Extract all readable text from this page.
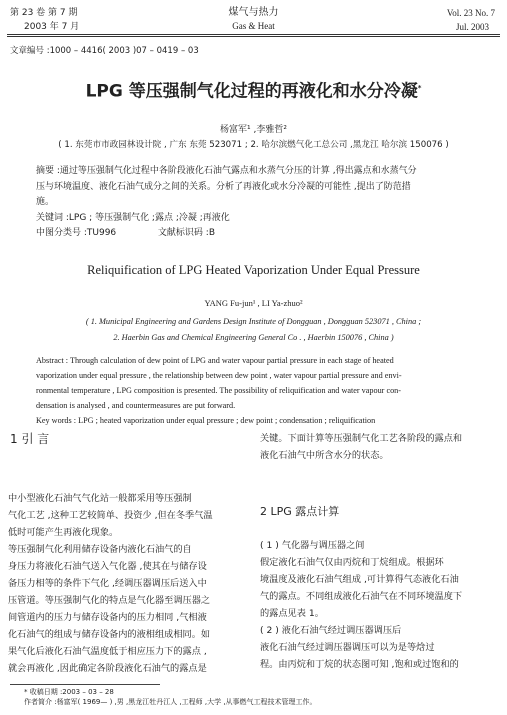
第 23 卷 第 7 期
2003 年 7 月
煤气与热力
Gas & Heat
Vol. 23 No. 7
Jul. 2003
文章编号 :1000 – 4416( 2003 )07 – 0419 – 03
LPG 等压强制气化过程的再液化和水分冷凝*
杨富军¹ ,李雅哲²
( 1. 东莞市市政园林设计院 , 广东 东莞 523071 ; 2. 哈尔滨燃气化工总公司 ,黑龙江 哈尔滨 150076 )
摘要 :通过等压强制气化过程中各阶段液化石油气露点和水蒸气分压的计算 ,得出露点和水蒸气分
压与环境温度、液化石油气成分之间的关系。分析了再液化或水分冷凝的可能性 ,提出了防范措
施。
关键词 :LPG ; 等压强制气化 ;露点 ;冷凝 ;再液化
中图分类号 :TU996	文献标识码 :B
Reliquification of LPG Heated Vaporization Under Equal Pressure
YANG Fu-jun¹ , LI Ya-zhuo²
( 1. Municipal Engineering and Gardens Design Institute of Dongguan , Dongguan 523071 , China ;
2. Haerbin Gas and Chemical Engineering General Co . , Haerbin 150076 , China )
Abstract : Through calculation of dew point of LPG and water vapour partial pressure in each stage of heated
vaporization under equal pressure , the relationship between dew point , water vapour partial pressure and envi-
ronmental temperature , LPG composition is presented. The possibility of reliquification and water vapour con-
densation is analysed , and countermeasures are put forward.
Key words : LPG ; heated vaporization under equal pressure ; dew point ; condensation ; reliquification
1 引 言

中小型液化石油气气化站一般都采用等压强制

气化工艺 ,这种工艺较简单、投资少 ,但在冬季气温

低时可能产生再液化现象。

等压强制气化利用储存设备内液化石油气的自

身压力将液化石油气送入气化器 ,使其在与储存设

备压力相等的条件下气化 ,经调压器调压后送入中

压管道。等压强制气化的特点是气化器至调压器之

间管道内的压力与储存设备内的压力相同 ,气相液

化石油气的组成与储存设备内的液相组成相同。如

果气化后液化石油气温度低于相应压力下的露点 ,

就会再液化 ,因此确定各阶段液化石油气的露点是

关键。下面计算等压强制气化工艺各阶段的露点和

液化石油气中所含水分的状态。

2 LPG 露点计算

( 1 ) 气化器与调压器之间

假定液化石油气仅由丙烷和丁烷组成。根据环

境温度及液化石油气组成 ,可计算得气态液化石油

气的露点。不同组成液化石油气在不同环境温度下

的露点见表 1。

( 2 ) 液化石油气经过调压器调压后

液化石油气经过调压器调压可以为是等焓过

程。由丙烷和丁烷的状态图可知 ,饱和或过饱和的

* 收稿日期 :2003 – 03 – 28
作者简介 :杨富军( 1969— ) ,男 ,黑龙江牡丹江人 ,工程师 ,大学 ,从事燃气工程技术管理工作。
